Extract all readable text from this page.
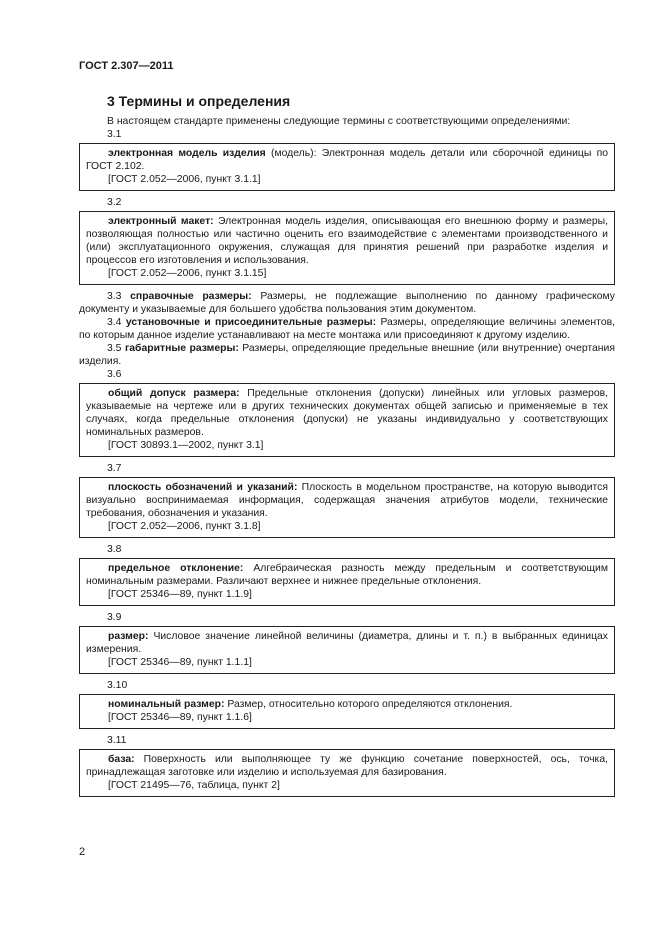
ГОСТ 2.307—2011
3 Термины и определения

В настоящем стандарте применены следующие термины с соответствующими определениями:

3.1

электронная модель изделия (модель): Электронная модель детали или сборочной единицы по ГОСТ 2.102.

[ГОСТ 2.052—2006, пункт 3.1.1]
3.2

электронный макет: Электронная модель изделия, описывающая его внешнюю форму и размеры, позволяющая полностью или частично оценить его взаимодействие с элементами производственного и (или) эксплуатационного окружения, служащая для принятия решений при разработке изделия и процессов его изготовления и использования.

[ГОСТ 2.052—2006, пункт 3.1.15]

3.3 справочные размеры: Размеры, не подлежащие выполнению по данному графическому документу и указываемые для большего удобства пользования этим документом.

3.4 установочные и присоединительные размеры: Размеры, определяющие величины элементов, по которым данное изделие устанавливают на месте монтажа или присоединяют к другому изделию.

3.5 габаритные размеры: Размеры, определяющие предельные внешние (или внутренние) очертания изделия.

3.6

общий допуск размера: Предельные отклонения (допуски) линейных или угловых размеров, указываемые на чертеже или в других технических документах общей записью и применяемые в тех случаях, когда предельные отклонения (допуски) не указаны индивидуально у соответствующих номинальных размеров.

[ГОСТ 30893.1—2002, пункт 3.1]
3.7

плоскость обозначений и указаний: Плоскость в модельном пространстве, на которую выводится визуально воспринимаемая информация, содержащая значения атрибутов модели, технические требования, обозначения и указания.

[ГОСТ 2.052—2006, пункт 3.1.8]
3.8

предельное отклонение: Алгебраическая разность между предельным и соответствующим номинальным размерами. Различают верхнее и нижнее предельные отклонения.

[ГОСТ 25346—89, пункт 1.1.9]
3.9

размер: Числовое значение линейной величины (диаметра, длины и т. п.) в выбранных единицах измерения.

[ГОСТ 25346—89, пункт 1.1.1]
3.10

номинальный размер: Размер, относительно которого определяются отклонения.

[ГОСТ 25346—89, пункт 1.1.6]
3.11

база: Поверхность или выполняющее ту же функцию сочетание поверхностей, ось, точка, принадлежащая заготовке или изделию и используемая для базирования.

[ГОСТ 21495—76, таблица, пункт 2]
2
